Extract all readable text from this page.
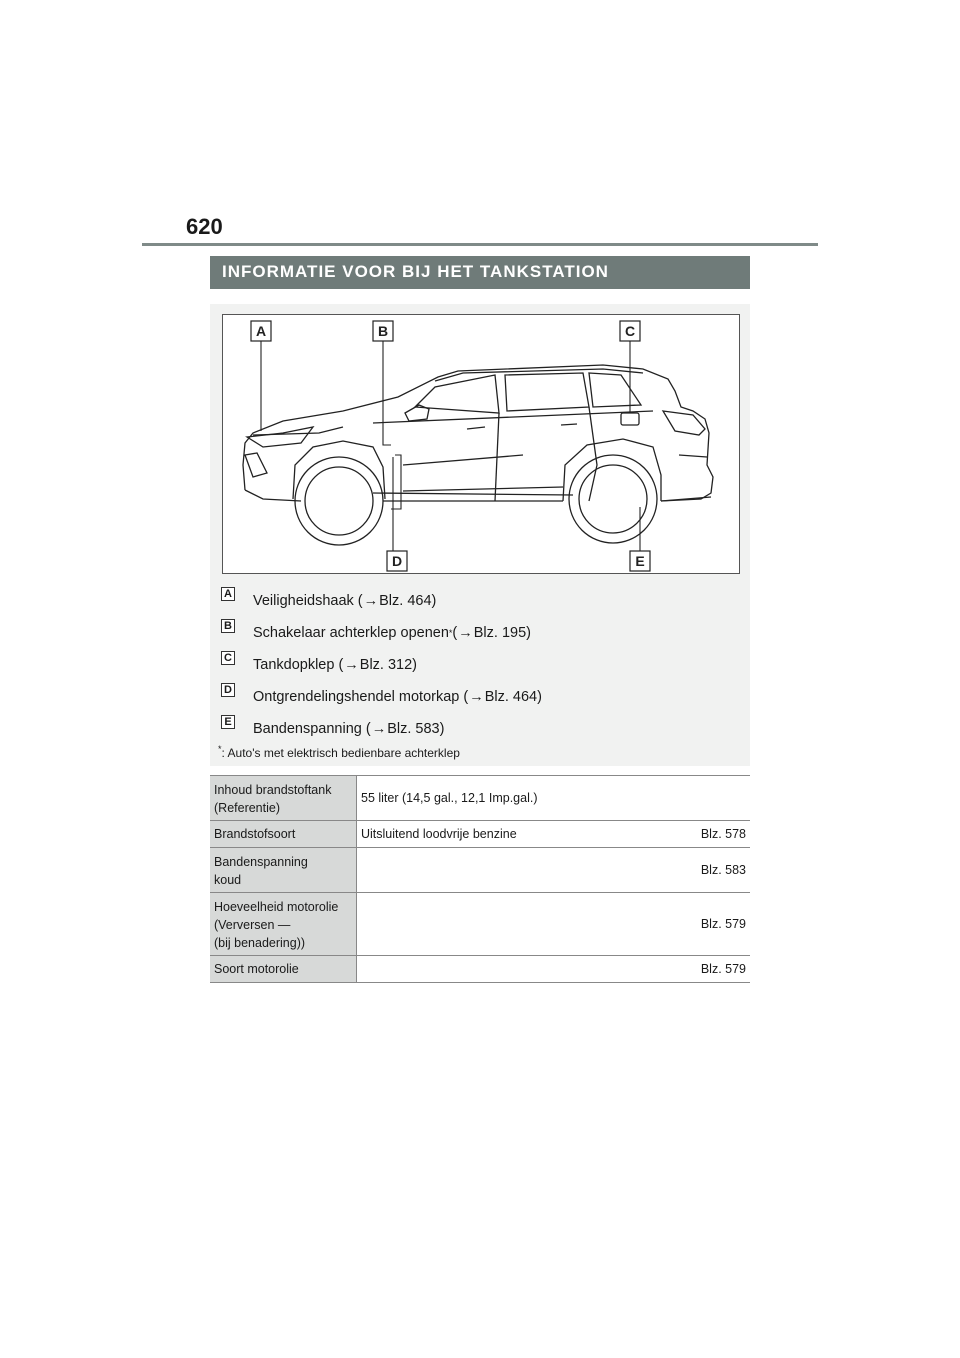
620
INFORMATIE VOOR BIJ HET TANKSTATION
A	B	C
D	E
A Veiligheidshaak ( → Blz. 464)
B Schakelaar achterklep openen * ( → Blz. 195)
C Tankdopklep ( → Blz. 312)
D Ontgrendelingshendel motorkap ( → Blz. 464)
E Bandenspanning ( → Blz. 583)
*: Auto's met elektrisch bedienbare achterklep
Inhoud brandstoftank
(Referentie)	55 liter (14,5 gal., 12,1 Imp.gal.)
Brandstofsoort	Uitsluitend loodvrije benzine Blz. 578

Bandenspanning
koud	Blz. 583

Hoeveelheid motorolie
(Verversen —
(bij benadering))	Blz. 579

Soort motorolie	Blz. 579
